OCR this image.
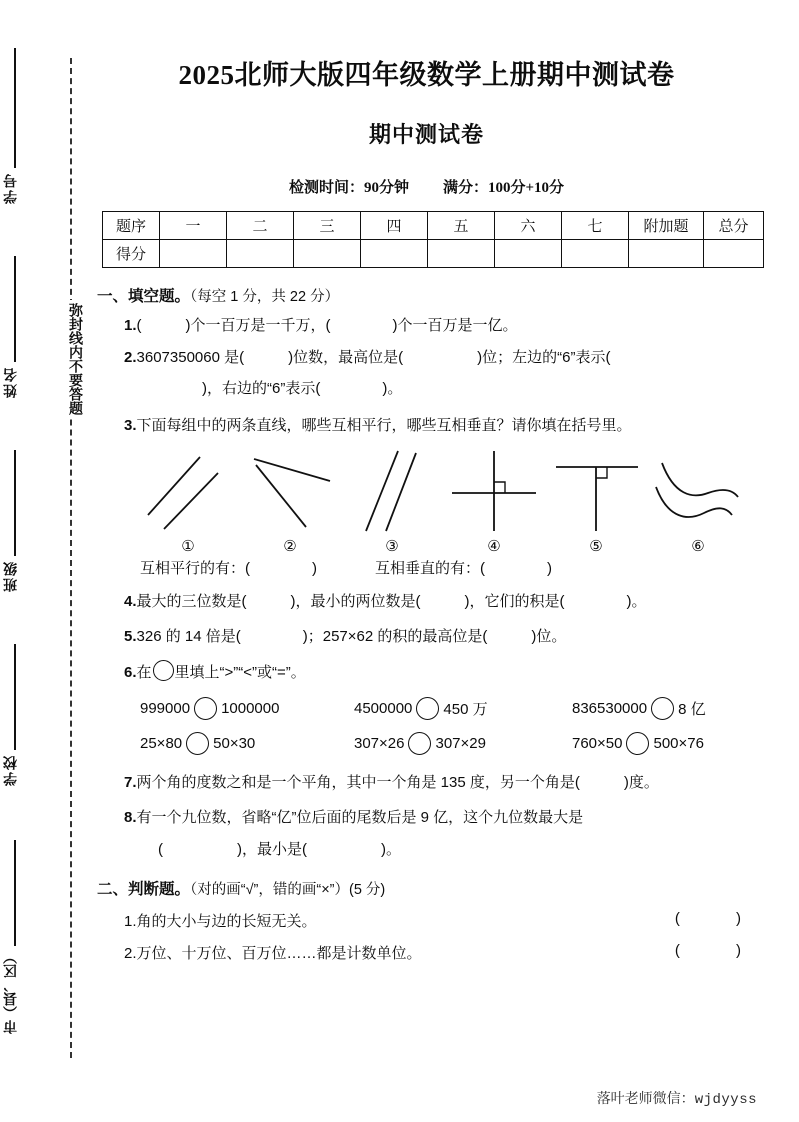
学号
姓名
班级
学校
市（县、区）
弥封线内不要答题
2025北师大版四年级数学上册期中测试卷
期中测试卷

检测时间：90分钟 满分：100分+10分

题序	一	二	三	四	五	六	七	附加题	总分
得分									
一、填空题。（每空 1 分，共 22 分）
1.(	)个一百万是一千万，(	)个一百万是一亿。
2.3607350060 是(	)位数，最高位是(	)位；左边的“6”表示(
)，右边的“6”表示(	)。
3.下面每组中的两条直线，哪些互相平行，哪些互相垂直？请你填在括号里。
①	②	③	④	⑤	⑥
互相平行的有：(	)	互相垂直的有：(	)
4.最大的三位数是(	)，最小的两位数是(	)，它们的积是(	)。
5.326 的 14 倍是(	)；257×62 的积的最高位是(	)位。
6.在 里填上“>”“<”或“=”。
999000 1000000	4500000 450 万	836530000 8 亿
25×80 50×30	307×26 307×29	760×50 500×76
7.两个角的度数之和是一个平角，其中一个角是 135 度，另一个角是(	)度。
8.有一个九位数，省略“亿”位后面的尾数后是 9 亿，这个九位数最大是
(	)，最小是(	)。
二、判断题。（对的画“√”，错的画“×”）(5 分)
1.角的大小与边的长短无关。	( )
2.万位、十万位、百万位……都是计数单位。	( )
落叶老师微信：wjdyyss
